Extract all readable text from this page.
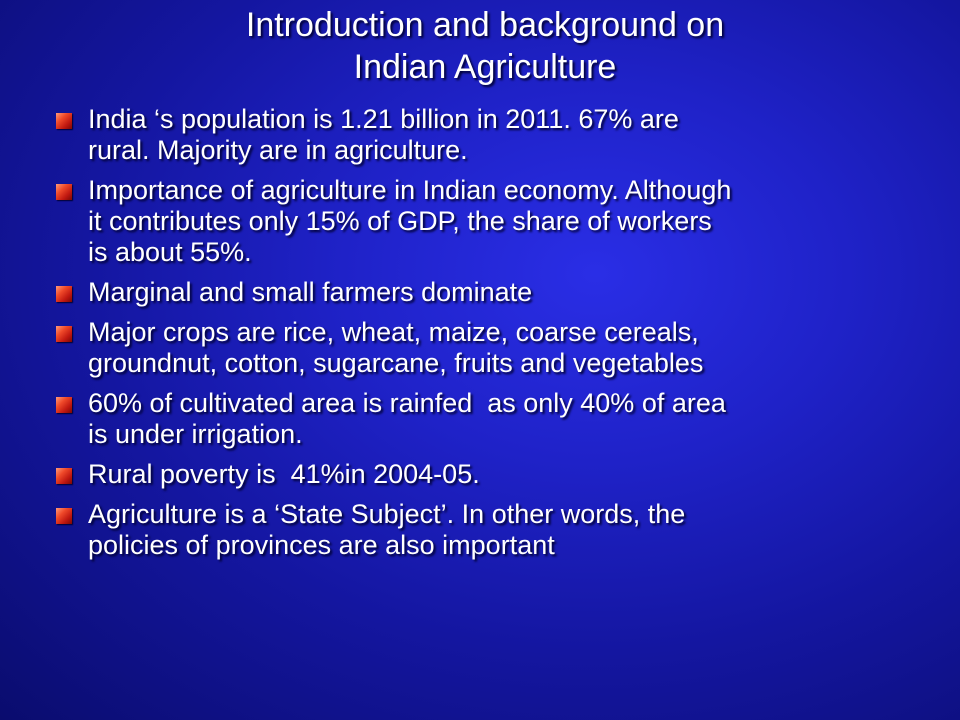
Introduction and background on
Indian Agriculture
India ‘s population is 1.21 billion in 2011. 67% are
rural. Majority are in agriculture.
Importance of agriculture in Indian economy. Although
it contributes only 15% of GDP, the share of workers
is about 55%.
Marginal and small farmers dominate
Major crops are rice, wheat, maize, coarse cereals,
groundnut, cotton, sugarcane, fruits and vegetables
60% of cultivated area is rainfed  as only 40% of area
is under irrigation.
Rural poverty is  41%in 2004-05.
Agriculture is a ‘State Subject’. In other words, the
policies of provinces are also important
